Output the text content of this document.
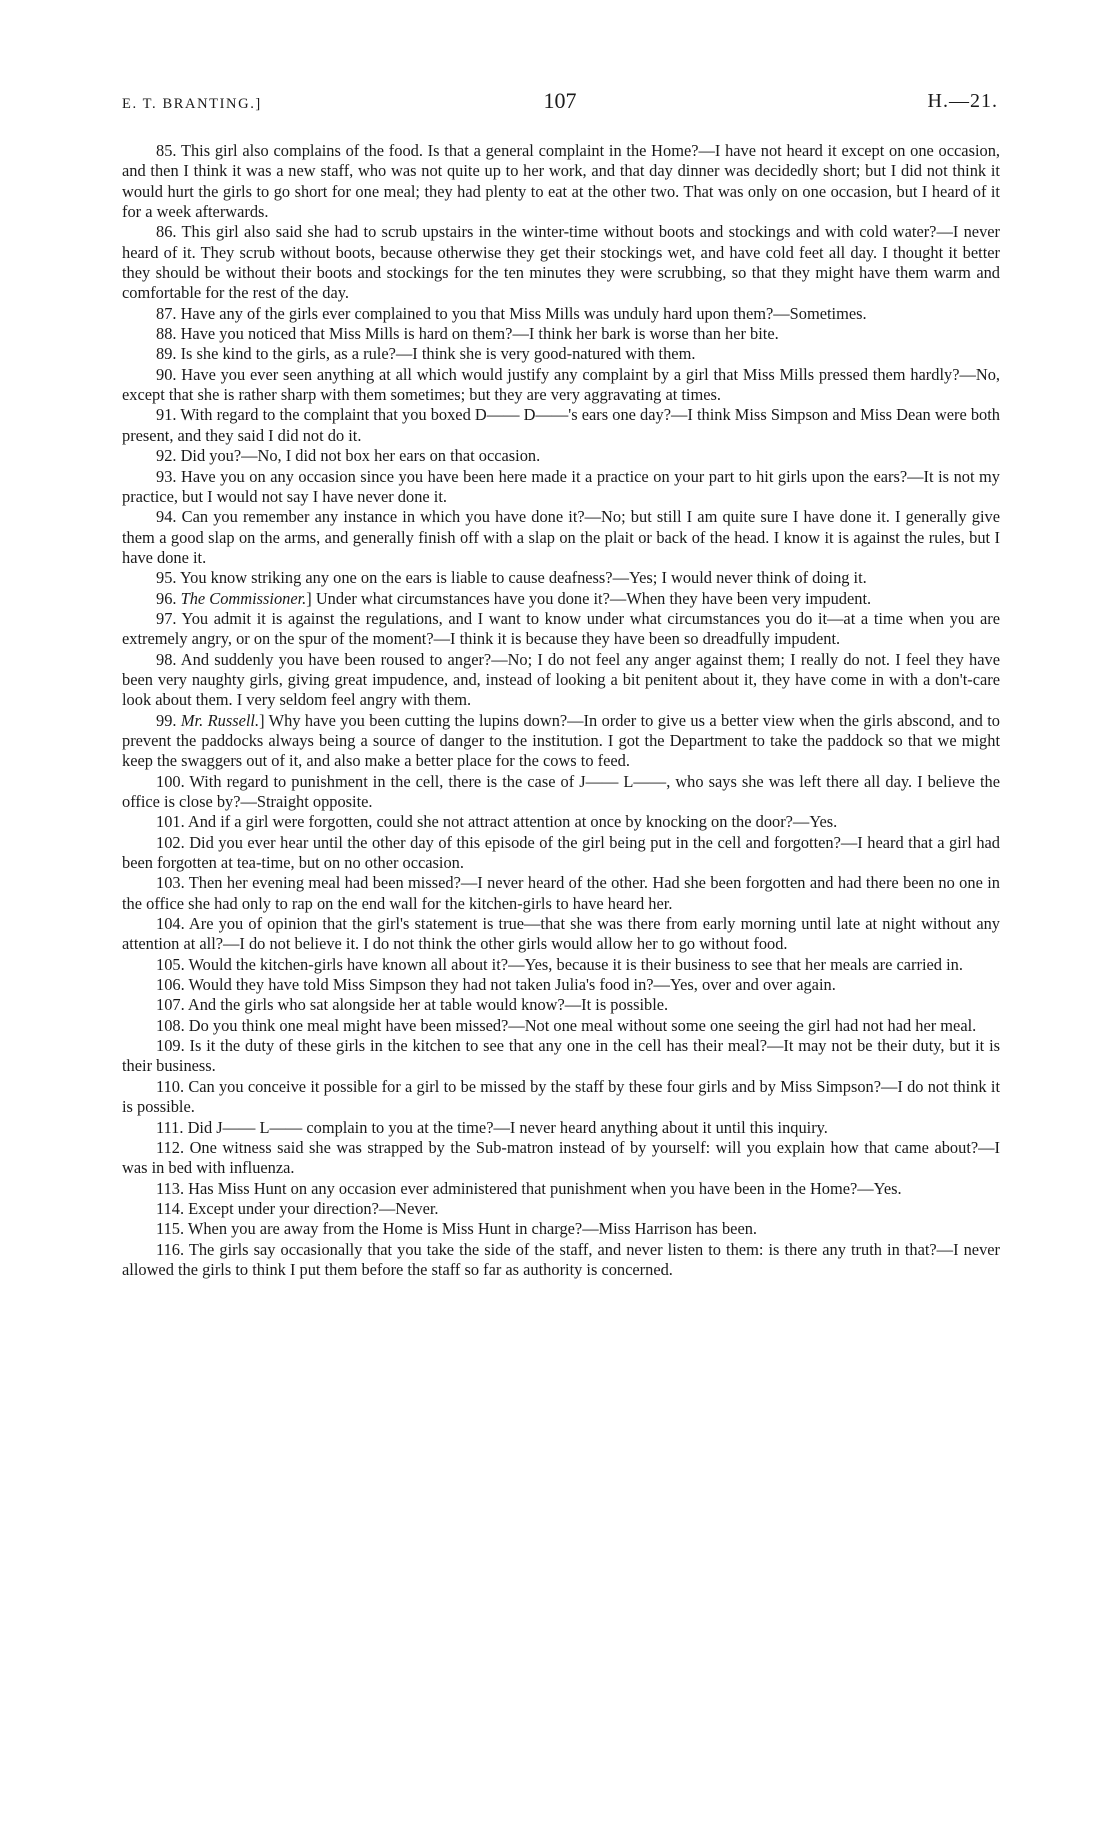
E. T. BRANTING.]	107	H.—21.

85. This girl also complains of the food. Is that a general complaint in the Home?—I have not heard it except on one occasion, and then I think it was a new staff, who was not quite up to her work, and that day dinner was decidedly short; but I did not think it would hurt the girls to go short for one meal; they had plenty to eat at the other two. That was only on one occasion, but I heard of it for a week afterwards.

86. This girl also said she had to scrub upstairs in the winter-time without boots and stockings and with cold water?—I never heard of it. They scrub without boots, because otherwise they get their stockings wet, and have cold feet all day. I thought it better they should be without their boots and stockings for the ten minutes they were scrubbing, so that they might have them warm and comfortable for the rest of the day.

87. Have any of the girls ever complained to you that Miss Mills was unduly hard upon them?—Sometimes.

88. Have you noticed that Miss Mills is hard on them?—I think her bark is worse than her bite.

89. Is she kind to the girls, as a rule?—I think she is very good-natured with them.

90. Have you ever seen anything at all which would justify any complaint by a girl that Miss Mills pressed them hardly?—No, except that she is rather sharp with them sometimes; but they are very aggravating at times.

91. With regard to the complaint that you boxed D—— D——'s ears one day?—I think Miss Simpson and Miss Dean were both present, and they said I did not do it.

92. Did you?—No, I did not box her ears on that occasion.

93. Have you on any occasion since you have been here made it a practice on your part to hit girls upon the ears?—It is not my practice, but I would not say I have never done it.

94. Can you remember any instance in which you have done it?—No; but still I am quite sure I have done it. I generally give them a good slap on the arms, and generally finish off with a slap on the plait or back of the head. I know it is against the rules, but I have done it.

95. You know striking any one on the ears is liable to cause deafness?—Yes; I would never think of doing it.

96. The Commissioner.] Under what circumstances have you done it?—When they have been very impudent.

97. You admit it is against the regulations, and I want to know under what circumstances you do it—at a time when you are extremely angry, or on the spur of the moment?—I think it is because they have been so dreadfully impudent.

98. And suddenly you have been roused to anger?—No; I do not feel any anger against them; I really do not. I feel they have been very naughty girls, giving great impudence, and, instead of looking a bit penitent about it, they have come in with a don't-care look about them. I very seldom feel angry with them.

99. Mr. Russell.] Why have you been cutting the lupins down?—In order to give us a better view when the girls abscond, and to prevent the paddocks always being a source of danger to the institution. I got the Department to take the paddock so that we might keep the swaggers out of it, and also make a better place for the cows to feed.

100. With regard to punishment in the cell, there is the case of J—— L——, who says she was left there all day. I believe the office is close by?—Straight opposite.

101. And if a girl were forgotten, could she not attract attention at once by knocking on the door?—Yes.

102. Did you ever hear until the other day of this episode of the girl being put in the cell and forgotten?—I heard that a girl had been forgotten at tea-time, but on no other occasion.

103. Then her evening meal had been missed?—I never heard of the other. Had she been forgotten and had there been no one in the office she had only to rap on the end wall for the kitchen-girls to have heard her.

104. Are you of opinion that the girl's statement is true—that she was there from early morning until late at night without any attention at all?—I do not believe it. I do not think the other girls would allow her to go without food.

105. Would the kitchen-girls have known all about it?—Yes, because it is their business to see that her meals are carried in.

106. Would they have told Miss Simpson they had not taken Julia's food in?—Yes, over and over again.

107. And the girls who sat alongside her at table would know?—It is possible.

108. Do you think one meal might have been missed?—Not one meal without some one seeing the girl had not had her meal.

109. Is it the duty of these girls in the kitchen to see that any one in the cell has their meal?—It may not be their duty, but it is their business.

110. Can you conceive it possible for a girl to be missed by the staff by these four girls and by Miss Simpson?—I do not think it is possible.

111. Did J—— L—— complain to you at the time?—I never heard anything about it until this inquiry.

112. One witness said she was strapped by the Sub-matron instead of by yourself: will you explain how that came about?—I was in bed with influenza.

113. Has Miss Hunt on any occasion ever administered that punishment when you have been in the Home?—Yes.

114. Except under your direction?—Never.

115. When you are away from the Home is Miss Hunt in charge?—Miss Harrison has been.

116. The girls say occasionally that you take the side of the staff, and never listen to them: is there any truth in that?—I never allowed the girls to think I put them before the staff so far as authority is concerned.
